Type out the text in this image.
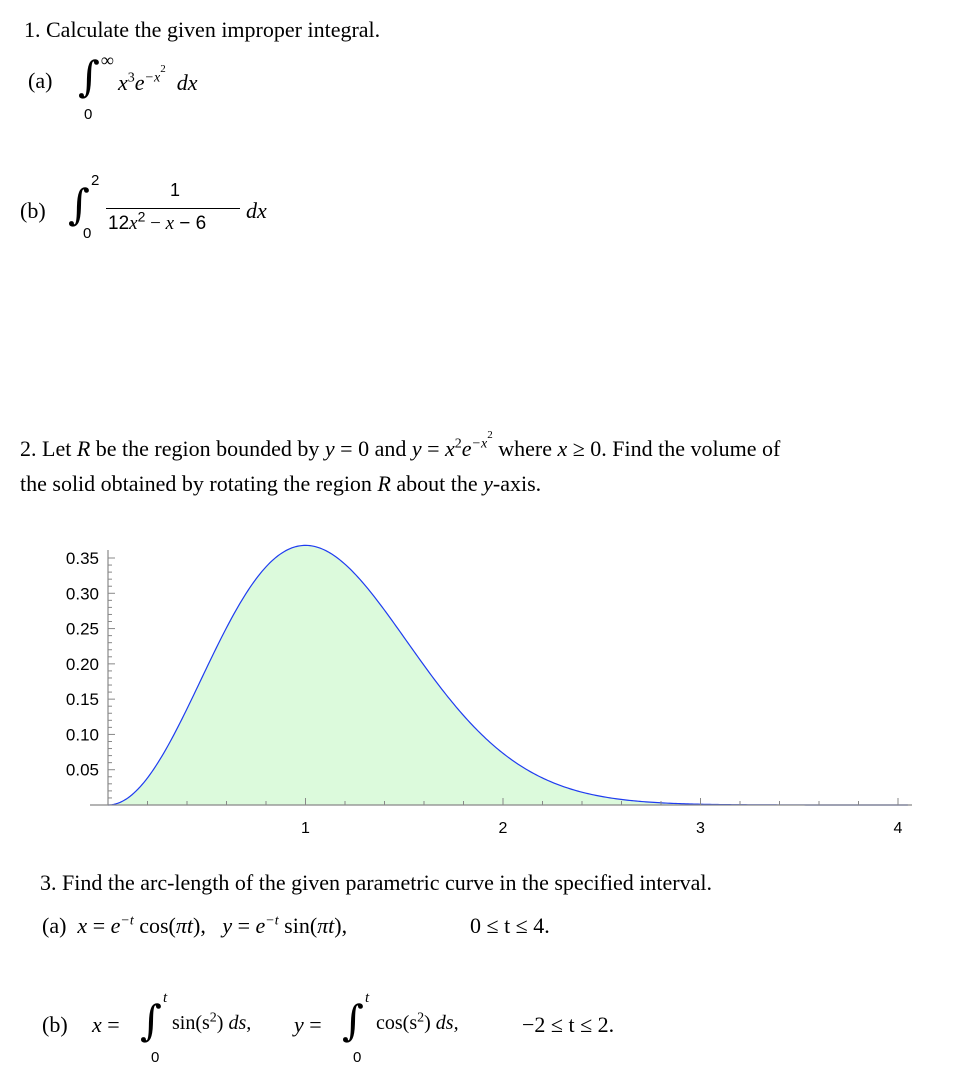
1. Calculate the given improper integral.
(a) ∫ ∞
0
$x^3e^{-x2}$  dx
(b) ∫ 2
0
1
$12x^2 - x - 6$
dx
2. Let R be the region bounded by y = 0 and $y = x^2e^{-x2}$ where x ≥ 0. Find the volume of
the solid obtained by rotating the region R about the y-axis.
0.05
0.10
0.15
0.20
0.25
0.30
0.35
1	2	3	4
3. Find the arc-length of the given parametric curve in the specified interval.
(a) $x = e^{-t}$ cos(πt), $y = e^{-t}$ sin(πt),	0 ≤ t ≤ 4.
(b) x = ∫ t
0
$\sin(s^2)$ ds, y = ∫ t
0
$\cos(s^2)$ ds,	−2 ≤ t ≤ 2.
